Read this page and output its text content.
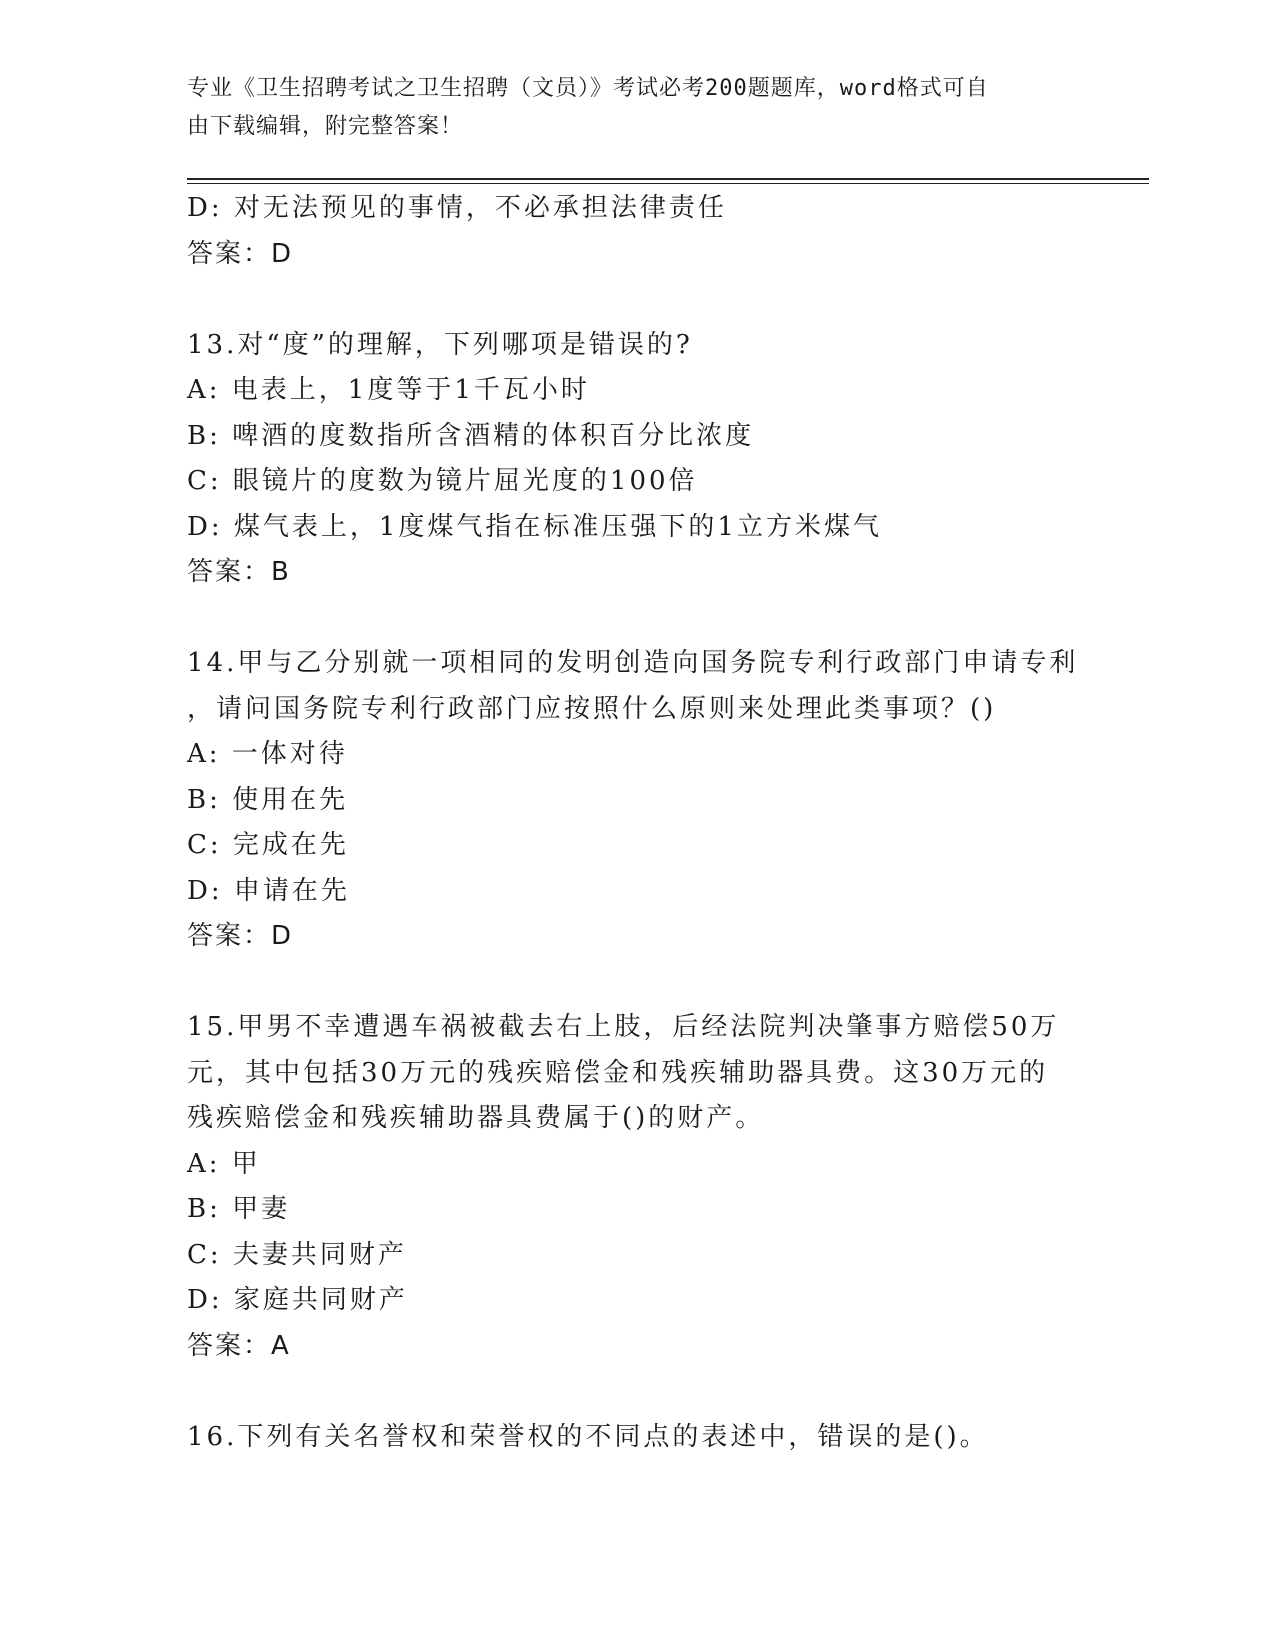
专业《卫生招聘考试之卫生招聘（文员）》考试必考200题题库，word格式可自
由下载编辑，附完整答案！
D: 对无法预见的事情，不必承担法律责任
答案：D
13.对“度”的理解，下列哪项是错误的?
A: 电表上，1度等于1千瓦小时
B: 啤酒的度数指所含酒精的体积百分比浓度
C: 眼镜片的度数为镜片屈光度的100倍
D: 煤气表上，1度煤气指在标准压强下的1立方米煤气
答案：B
14.甲与乙分别就一项相同的发明创造向国务院专利行政部门申请专利
，请问国务院专利行政部门应按照什么原则来处理此类事项？()
A: 一体对待
B: 使用在先
C: 完成在先
D: 申请在先
答案：D
15.甲男不幸遭遇车祸被截去右上肢，后经法院判决肇事方赔偿50万
元，其中包括30万元的残疾赔偿金和残疾辅助器具费。这30万元的
残疾赔偿金和残疾辅助器具费属于()的财产。
A: 甲
B: 甲妻
C: 夫妻共同财产
D: 家庭共同财产
答案：A
16.下列有关名誉权和荣誉权的不同点的表述中，错误的是()。
